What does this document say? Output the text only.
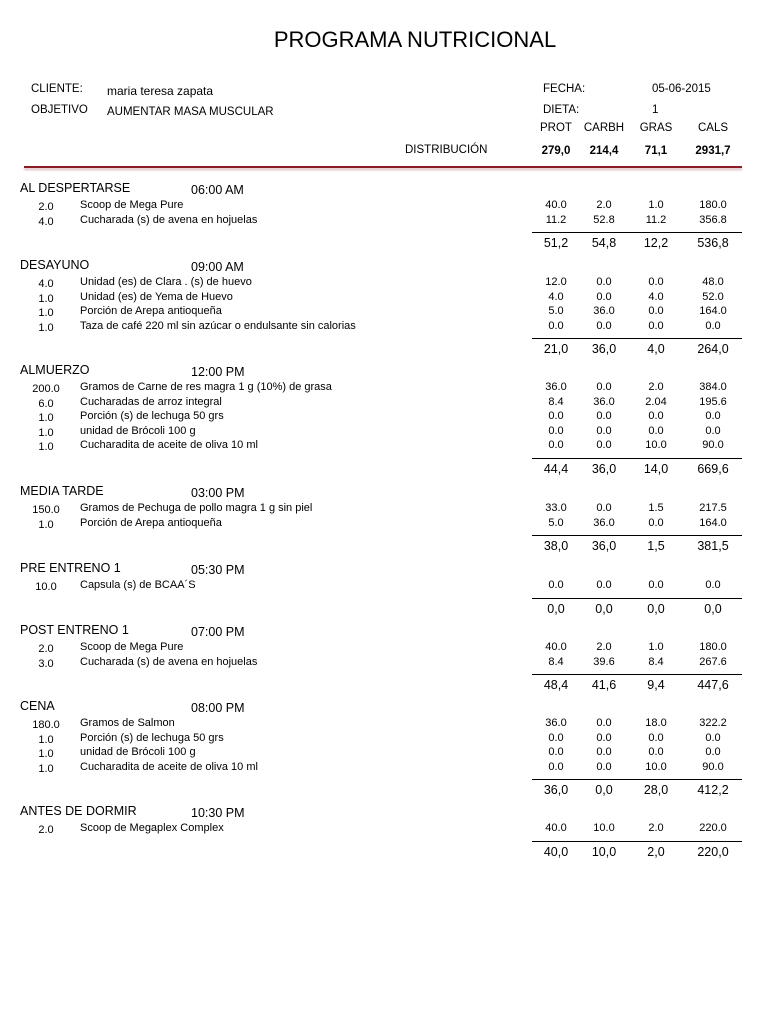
PROGRAMA NUTRICIONAL
CLIENTE: maria teresa zapata
OBJETIVO AUMENTAR MASA MUSCULAR
FECHA:	05-06-2015
DIETA:	1
PROT	CARBH	GRAS	CALS
DISTRIBUCIÓN	279,0	214,4	71,1	2931,7
AL DESPERTARSE	06:00 AM
2.0	Scoop de Mega Pure	40.0	2.0	1.0	180.0
4.0	Cucharada (s) de avena en hojuelas	11.2	52.8	11.2	356.8
51,2	54,8	12,2	536,8
DESAYUNO	09:00 AM
4.0	Unidad (es) de Clara . (s) de huevo	12.0	0.0	0.0	48.0
1.0	Unidad (es) de Yema de Huevo	4.0	0.0	4.0	52.0
1.0	Porción de Arepa antioqueña	5.0	36.0	0.0	164.0
1.0	Taza de café 220 ml sin azúcar o endulsante sin calorias	0.0	0.0	0.0	0.0
21,0	36,0	4,0	264,0
ALMUERZO	12:00 PM
200.0 Gramos de Carne de res magra 1 g (10%) de grasa	36.0	0.0	2.0	384.0
6.0	Cucharadas de arroz integral	8.4	36.0	2.04	195.6
1.0	Porción (s) de lechuga 50 grs	0.0	0.0	0.0	0.0
1.0	unidad de Brócoli 100 g	0.0	0.0	0.0	0.0
1.0	Cucharadita de aceite de oliva 10 ml	0.0	0.0	10.0	90.0
44,4	36,0	14,0	669,6
MEDIA TARDE	03:00 PM
150.0 Gramos de Pechuga de pollo magra 1 g sin piel	33.0	0.0	1.5	217.5
1.0	Porción de Arepa antioqueña	5.0	36.0	0.0	164.0
38,0	36,0	1,5	381,5
PRE ENTRENO 1	05:30 PM
10.0	Capsula (s) de BCAA´S	0.0	0.0	0.0	0.0
0,0	0,0	0,0	0,0
POST ENTRENO 1	07:00 PM
2.0	Scoop de Mega Pure	40.0	2.0	1.0	180.0
3.0	Cucharada (s) de avena en hojuelas	8.4	39.6	8.4	267.6
48,4	41,6	9,4	447,6
CENA	08:00 PM
180.0 Gramos de Salmon	36.0	0.0	18.0	322.2
1.0	Porción (s) de lechuga 50 grs	0.0	0.0	0.0	0.0
1.0	unidad de Brócoli 100 g	0.0	0.0	0.0	0.0
1.0	Cucharadita de aceite de oliva 10 ml	0.0	0.0	10.0	90.0
36,0	0,0	28,0	412,2
ANTES DE DORMIR	10:30 PM
2.0	Scoop de Megaplex Complex	40.0	10.0	2.0	220.0
40,0	10,0	2,0	220,0
